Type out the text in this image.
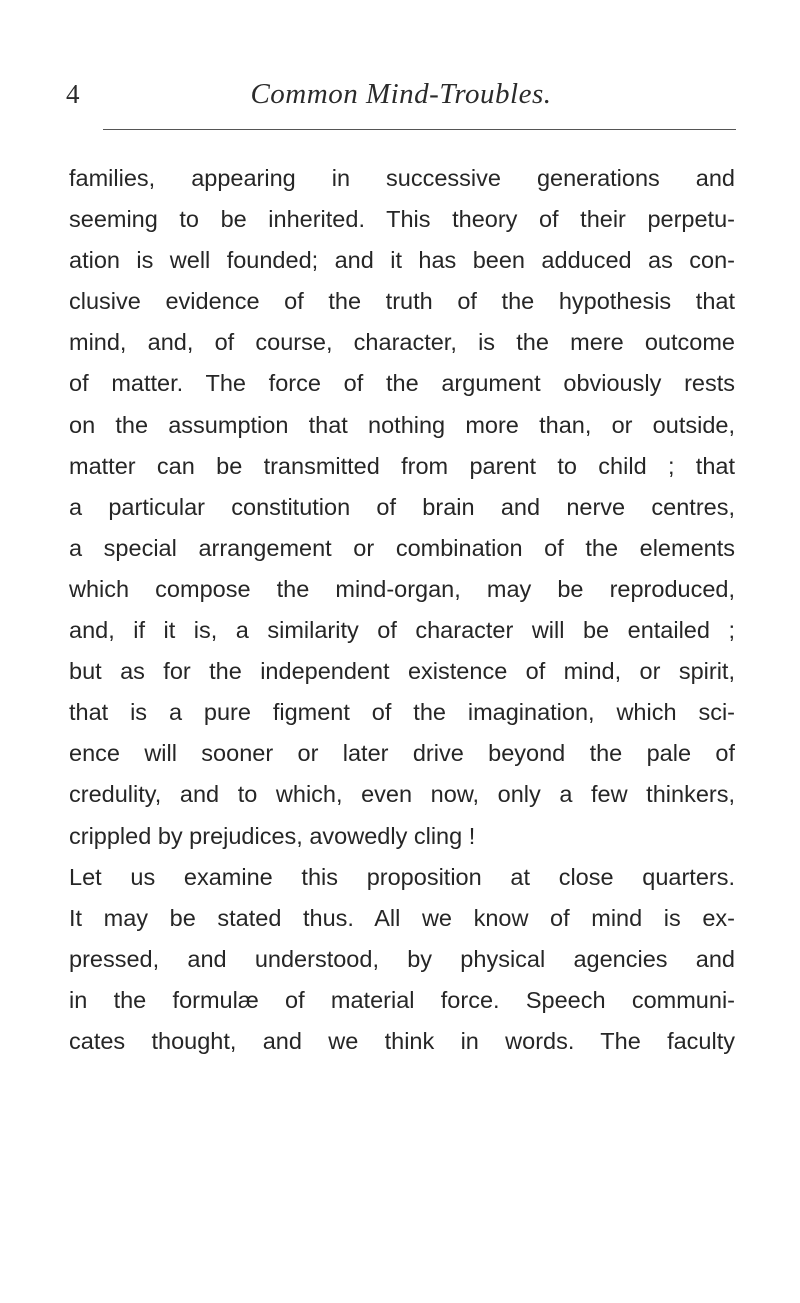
4	Common Mind-Troubles.
families, appearing in successive generations and
seeming to be inherited. This theory of their perpetu-
ation is well founded; and it has been adduced as con-
clusive evidence of the truth of the hypothesis that
mind, and, of course, character, is the mere outcome
of matter. The force of the argument obviously rests
on the assumption that nothing more than, or outside,
matter can be transmitted from parent to child ; that
a particular constitution of brain and nerve centres,
a special arrangement or combination of the elements
which compose the mind-organ, may be reproduced,
and, if it is, a similarity of character will be entailed ;
but as for the independent existence of mind, or spirit,
that is a pure figment of the imagination, which sci-
ence will sooner or later drive beyond the pale of
credulity, and to which, even now, only a few thinkers,
crippled by prejudices, avowedly cling !
Let us examine this proposition at close quarters.
It may be stated thus. All we know of mind is ex-
pressed, and understood, by physical agencies and
in the formulæ of material force. Speech communi-
cates thought, and we think in words. The faculty
